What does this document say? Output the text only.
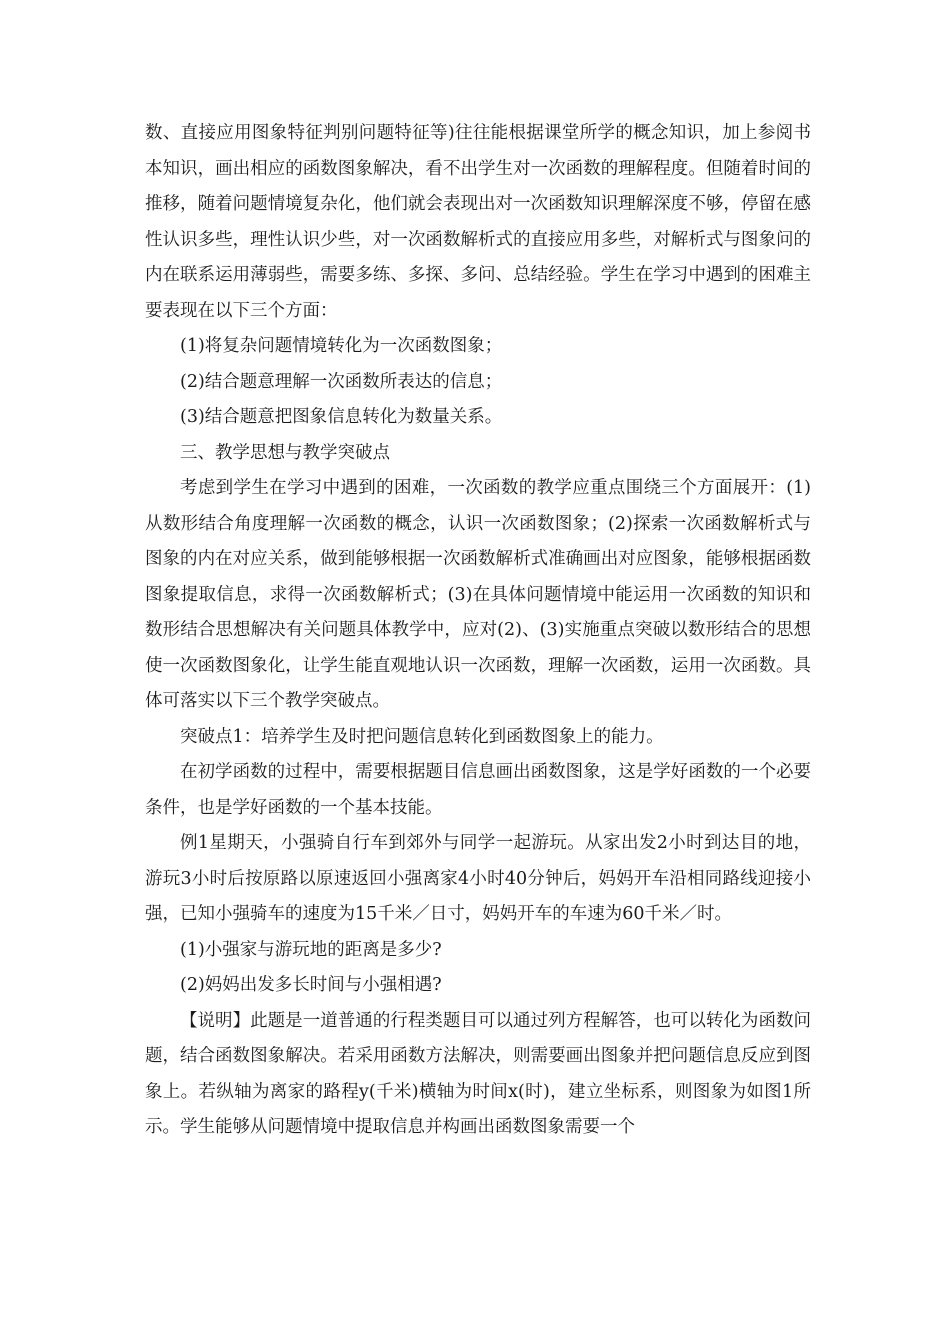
数、直接应用图象特征判别问题特征等)往往能根据课堂所学的概念知识，加上参阅书本知识，画出相应的函数图象解决，看不出学生对一次函数的理解程度。但随着时间的推移，随着问题情境复杂化，他们就会表现出对一次函数知识理解深度不够，停留在感性认识多些，理性认识少些，对一次函数解析式的直接应用多些，对解析式与图象问的内在联系运用薄弱些，需要多练、多探、多问、总结经验。学生在学习中遇到的困难主要表现在以下三个方面：

(1)将复杂问题情境转化为一次函数图象；

(2)结合题意理解一次函数所表达的信息；

(3)结合题意把图象信息转化为数量关系。

三、教学思想与教学突破点

考虑到学生在学习中遇到的困难，一次函数的教学应重点围绕三个方面展开：(1)从数形结合角度理解一次函数的概念，认识一次函数图象；(2)探索一次函数解析式与图象的内在对应关系，做到能够根据一次函数解析式准确画出对应图象，能够根据函数图象提取信息，求得一次函数解析式；(3)在具体问题情境中能运用一次函数的知识和数形结合思想解决有关问题具体教学中，应对(2)、(3)实施重点突破以数形结合的思想使一次函数图象化，让学生能直观地认识一次函数，理解一次函数，运用一次函数。具体可落实以下三个教学突破点。

突破点1：培养学生及时把问题信息转化到函数图象上的能力。

在初学函数的过程中，需要根据题目信息画出函数图象，这是学好函数的一个必要条件，也是学好函数的一个基本技能。

例1星期天，小强骑自行车到郊外与同学一起游玩。从家出发2小时到达目的地，游玩3小时后按原路以原速返回小强离家4小时40分钟后，妈妈开车沿相同路线迎接小强，已知小强骑车的速度为15千米／日寸，妈妈开车的车速为60千米／时。

(1)小强家与游玩地的距离是多少?

(2)妈妈出发多长时间与小强相遇?

【说明】此题是一道普通的行程类题目可以通过列方程解答，也可以转化为函数问题，结合函数图象解决。若采用函数方法解决，则需要画出图象并把问题信息反应到图象上。若纵轴为离家的路程y(千米)横轴为时间x(时)，建立坐标系，则图象为如图1所示。学生能够从问题情境中提取信息并构画出函数图象需要一个
